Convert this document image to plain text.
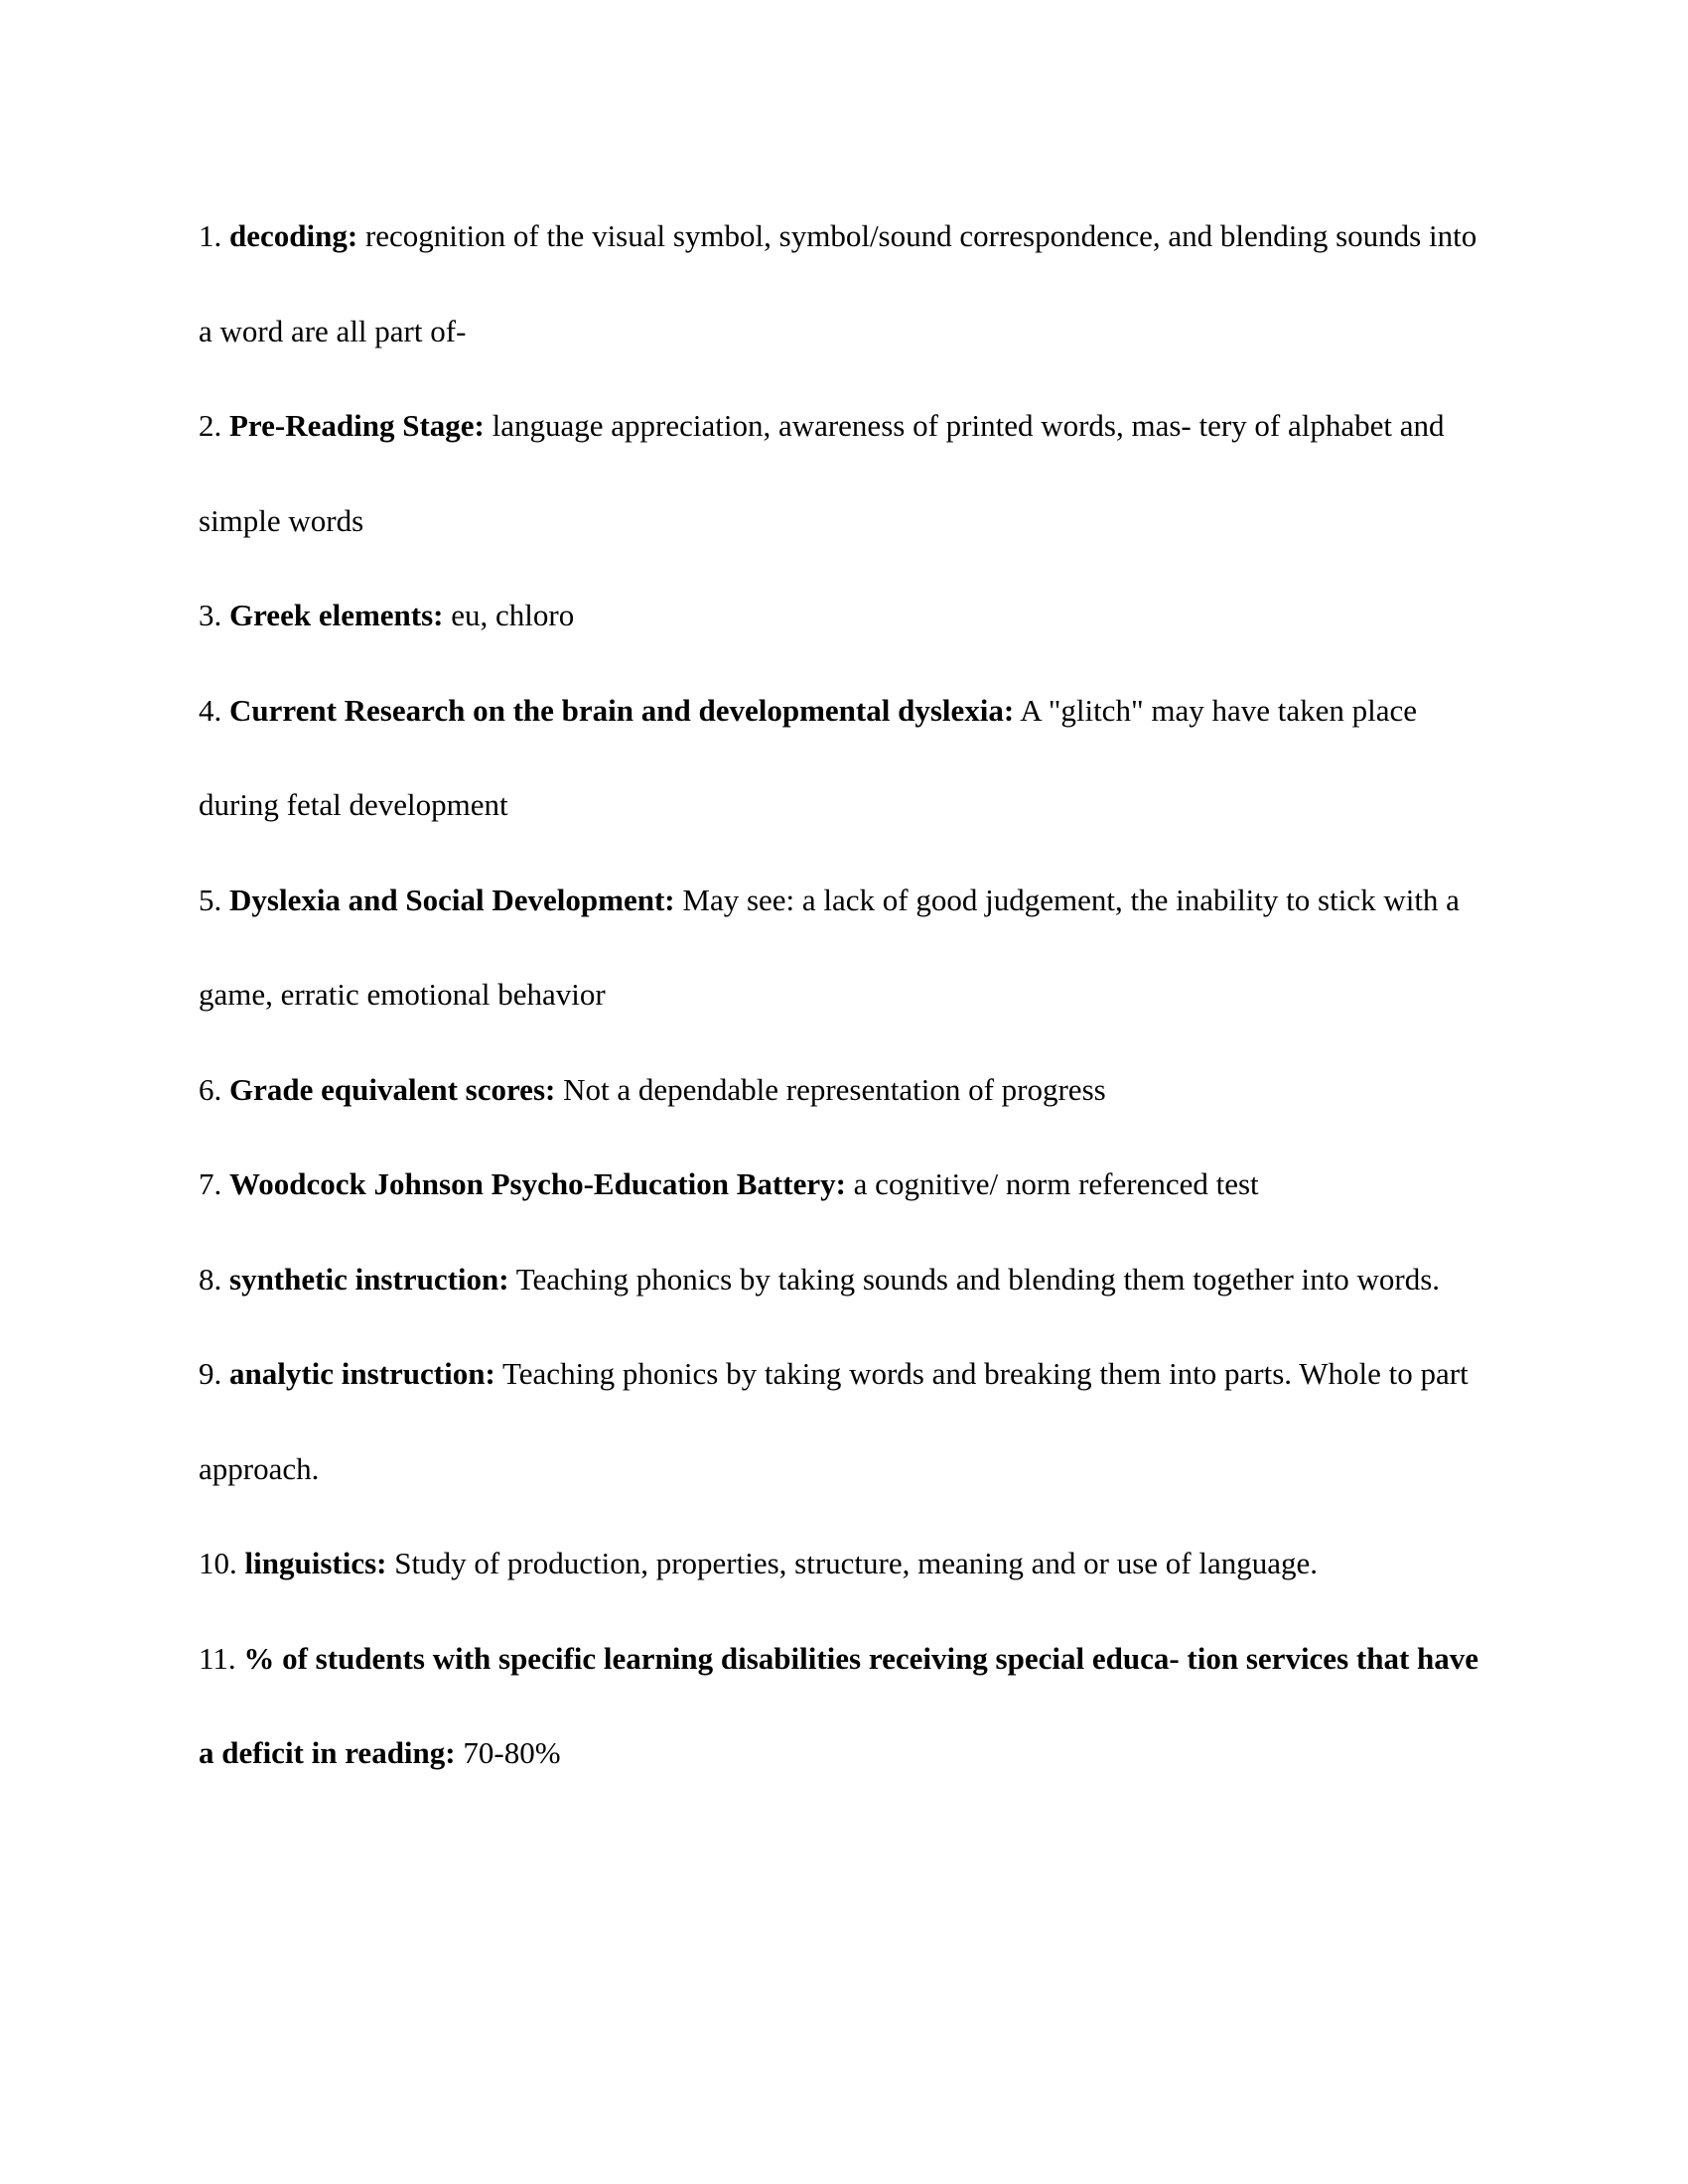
1. decoding: recognition of the visual symbol, symbol/sound correspondence, and blending sounds into a word are all part of-

2. Pre-Reading Stage: language appreciation, awareness of printed words, mas- tery of alphabet and simple words

3. Greek elements: eu, chloro

4. Current Research on the brain and developmental dyslexia: A "glitch" may have taken place during fetal development

5. Dyslexia and Social Development: May see: a lack of good judgement, the inability to stick with a game, erratic emotional behavior

6. Grade equivalent scores: Not a dependable representation of progress

7. Woodcock Johnson Psycho-Education Battery: a cognitive/ norm referenced test

8. synthetic instruction: Teaching phonics by taking sounds and blending them together into words.

9. analytic instruction: Teaching phonics by taking words and breaking them into parts. Whole to part approach.

10. linguistics: Study of production, properties, structure, meaning and or use of language.

11. % of students with specific learning disabilities receiving special educa- tion services that have a deficit in reading: 70-80%
